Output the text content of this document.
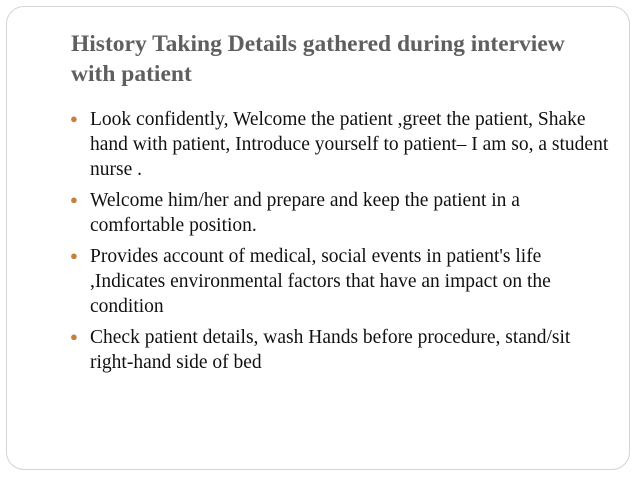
History Taking Details gathered during interview with patient
● Look confidently, Welcome the patient ,greet the patient, Shake hand with patient, Introduce yourself to patient– I am so, a student nurse .
● Welcome him/her and prepare and keep the patient in a comfortable position.
● Provides account of medical, social events in patient's life ,Indicates environmental factors that have an impact on the condition
● Check patient details, wash Hands before procedure, stand/sit right-hand side of bed
